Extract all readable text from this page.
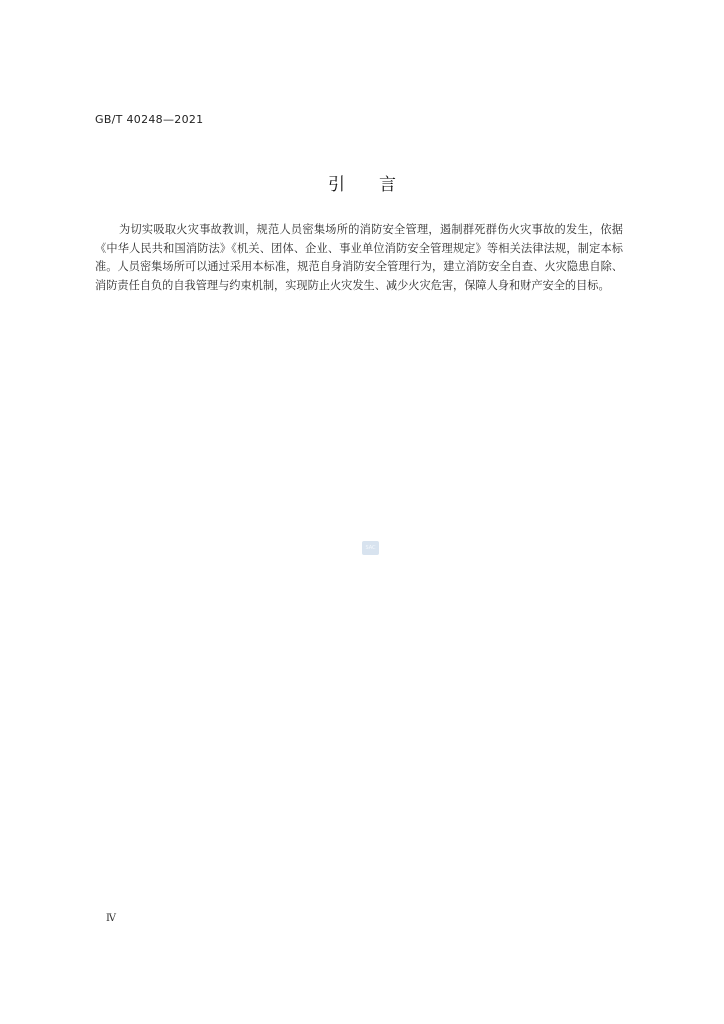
GB/T 40248—2021
引言
为切实吸取火灾事故教训，规范人员密集场所的消防安全管理，遏制群死群伤火灾事故的发生，依据《中华人民共和国消防法》《机关、团体、企业、事业单位消防安全管理规定》等相关法律法规，制定本标准。人员密集场所可以通过采用本标准，规范自身消防安全管理行为，建立消防安全自查、火灾隐患自除、消防责任自负的自我管理与约束机制，实现防止火灾发生、减少火灾危害，保障人身和财产安全的目标。
SAC
Ⅳ
